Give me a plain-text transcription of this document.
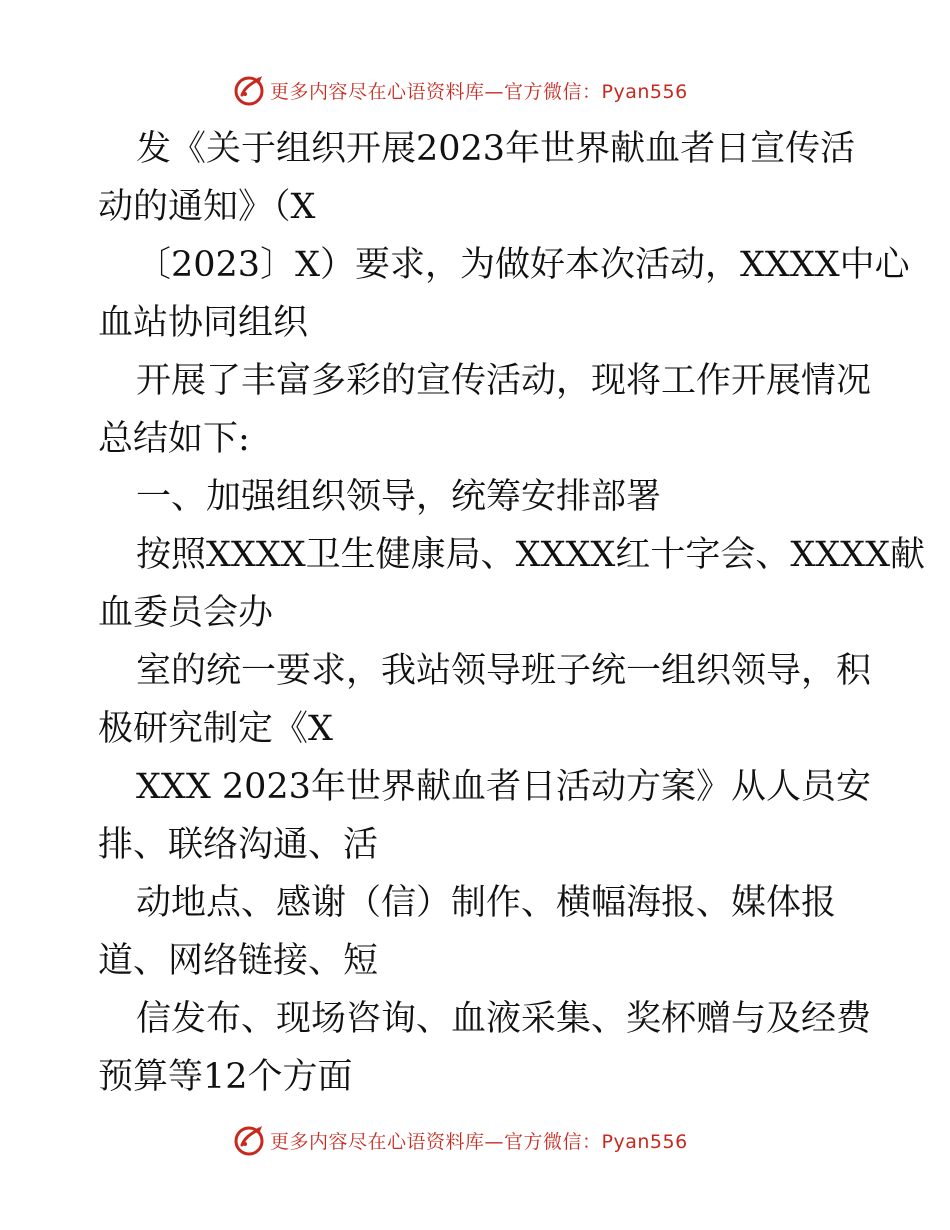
更多内容尽在心语资料库—官方微信：Pyan556
发《关于组织开展2023年世界献血者日宣传活
动的通知》（X
〔2023〕X）要求，为做好本次活动，XXXX中心
血站协同组织
开展了丰富多彩的宣传活动，现将工作开展情况
总结如下:
一、加强组织领导，统筹安排部署
按照XXXX卫生健康局、XXXX红十字会、XXXX献
血委员会办
室的统一要求，我站领导班子统一组织领导，积
极研究制定《X
XXX 2023年世界献血者日活动方案》从人员安
排、联络沟通、活
动地点、感谢（信）制作、横幅海报、媒体报
道、网络链接、短
信发布、现场咨询、血液采集、奖杯赠与及经费
预算等12个方面
更多内容尽在心语资料库—官方微信：Pyan556
